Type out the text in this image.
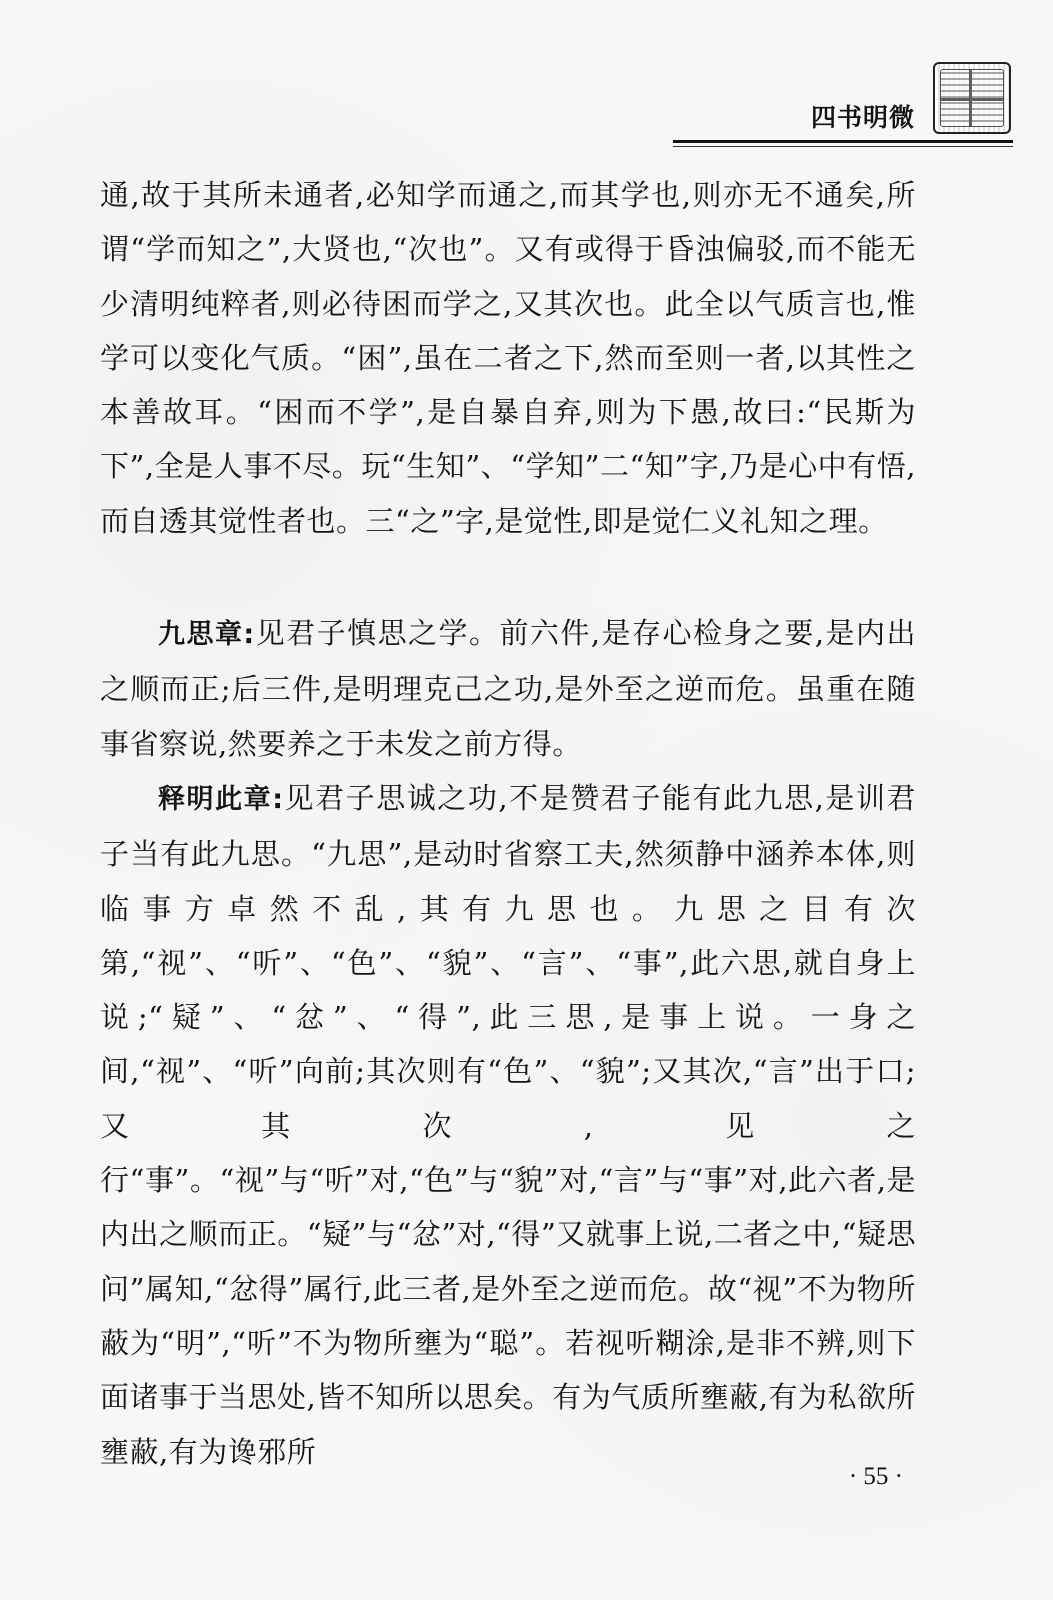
四书明微

通,故于其所未通者,必知学而通之,而其学也,则亦无不通矣,所谓“学而知之”,大贤也,“次也”。又有或得于昏浊偏驳,而不能无少清明纯粹者,则必待困而学之,又其次也。此全以气质言也,惟学可以变化气质。“困”,虽在二者之下,然而至则一者,以其性之本善故耳。“困而不学”,是自暴自弃,则为下愚,故曰:“民斯为下”,全是人事不尽。玩“生知”、“学知”二“知”字,乃是心中有悟,而自透其觉性者也。三“之”字,是觉性,即是觉仁义礼知之理。

九思章:见君子慎思之学。前六件,是存心检身之要,是内出之顺而正;后三件,是明理克己之功,是外至之逆而危。虽重在随事省察说,然要养之于未发之前方得。

释明此章:见君子思诚之功,不是赞君子能有此九思,是训君子当有此九思。“九思”,是动时省察工夫,然须静中涵养本体,则临事方卓然不乱,其有九思也。九思之目有次第,“视”、“听”、“色”、“貌”、“言”、“事”,此六思,就自身上说;“疑”、“忿”、“得”,此三思,是事上说。一身之间,“视”、“听”向前;其次则有“色”、“貌”;又其次,“言”出于口;又其次,见之行“事”。“视”与“听”对,“色”与“貌”对,“言”与“事”对,此六者,是内出之顺而正。“疑”与“忿”对,“得”又就事上说,二者之中,“疑思问”属知,“忿得”属行,此三者,是外至之逆而危。故“视”不为物所蔽为“明”,“听”不为物所壅为“聪”。若视听糊涂,是非不辨,则下面诸事于当思处,皆不知所以思矣。有为气质所壅蔽,有为私欲所壅蔽,有为谗邪所

· 55 ·
